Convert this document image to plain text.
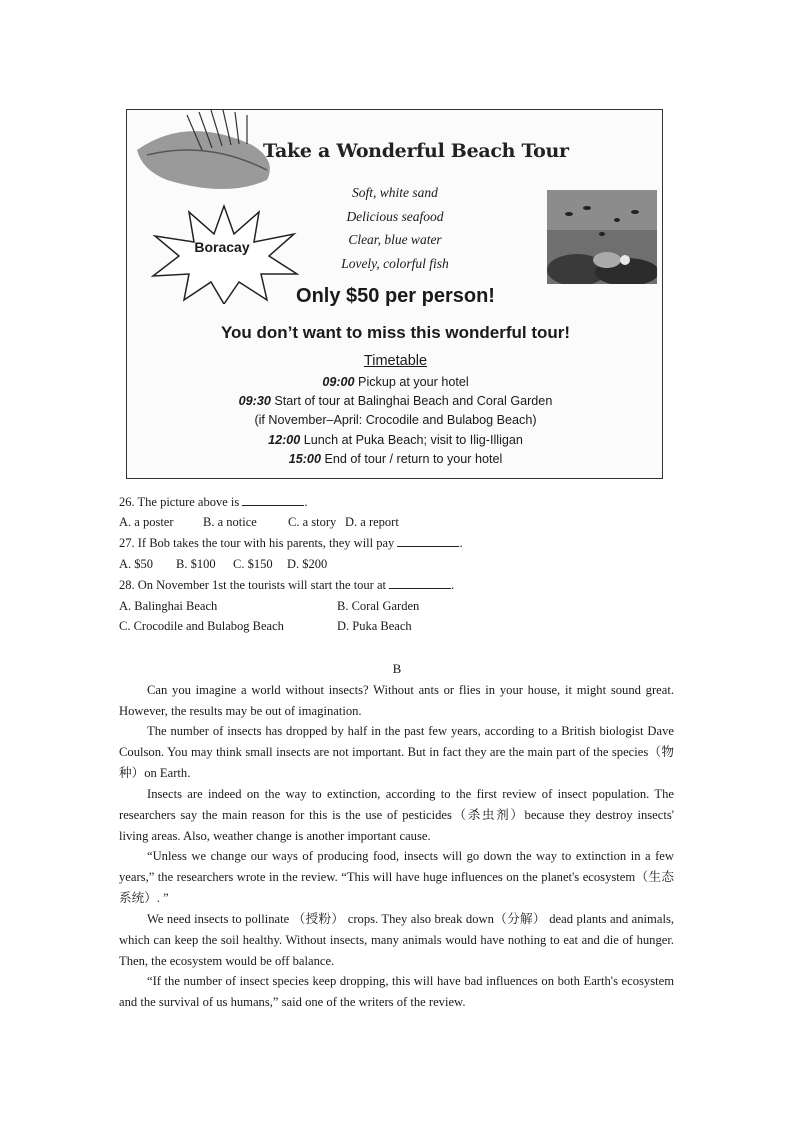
Take a Wonderful Beach Tour
Soft, white sand
Delicious seafood
Clear, blue water
Lovely, colorful fish
Boracay
Only $50 per person!
You don’t want to miss this wonderful tour!
Timetable
09:00 Pickup at your hotel
09:30 Start of tour at Balinghai Beach and Coral Garden
(if November–April: Crocodile and Bulabog Beach)
12:00 Lunch at Puka Beach; visit to Ilig-Illigan
15:00 End of tour / return to your hotel
26. The picture above is	.
A. a poster B. a notice C. a story D. a report
27. If Bob takes the tour with his parents, they will pay	.
A. $50 B. $100 C. $150 D. $200
28. On November 1st the tourists will start the tour at	.
A. Balinghai Beach	B. Coral Garden
C. Crocodile and Bulabog Beach	D. Puka Beach
B

Can you imagine a world without insects? Without ants or flies in your house, it might sound great. However, the results may be out of imagination.

The number of insects has dropped by half in the past few years, according to a British biologist Dave Coulson. You may think small insects are not important. But in fact they are the main part of the species（物种）on Earth.

Insects are indeed on the way to extinction, according to the first review of insect population. The researchers say the main reason for this is the use of pesticides（杀虫剂）because they destroy insects' living areas. Also, weather change is another important cause.

“Unless we change our ways of producing food, insects will go down the way to extinction in a few years,” the researchers wrote in the review. “This will have huge influences on the planet's ecosystem（生态系统）. ”

We need insects to pollinate （授粉） crops. They also break down（分解） dead plants and animals, which can keep the soil healthy. Without insects, many animals would have nothing to eat and die of hunger. Then, the ecosystem would be off balance.

“If the number of insect species keep dropping, this will have bad influences on both Earth's ecosystem and the survival of us humans,” said one of the writers of the review.
